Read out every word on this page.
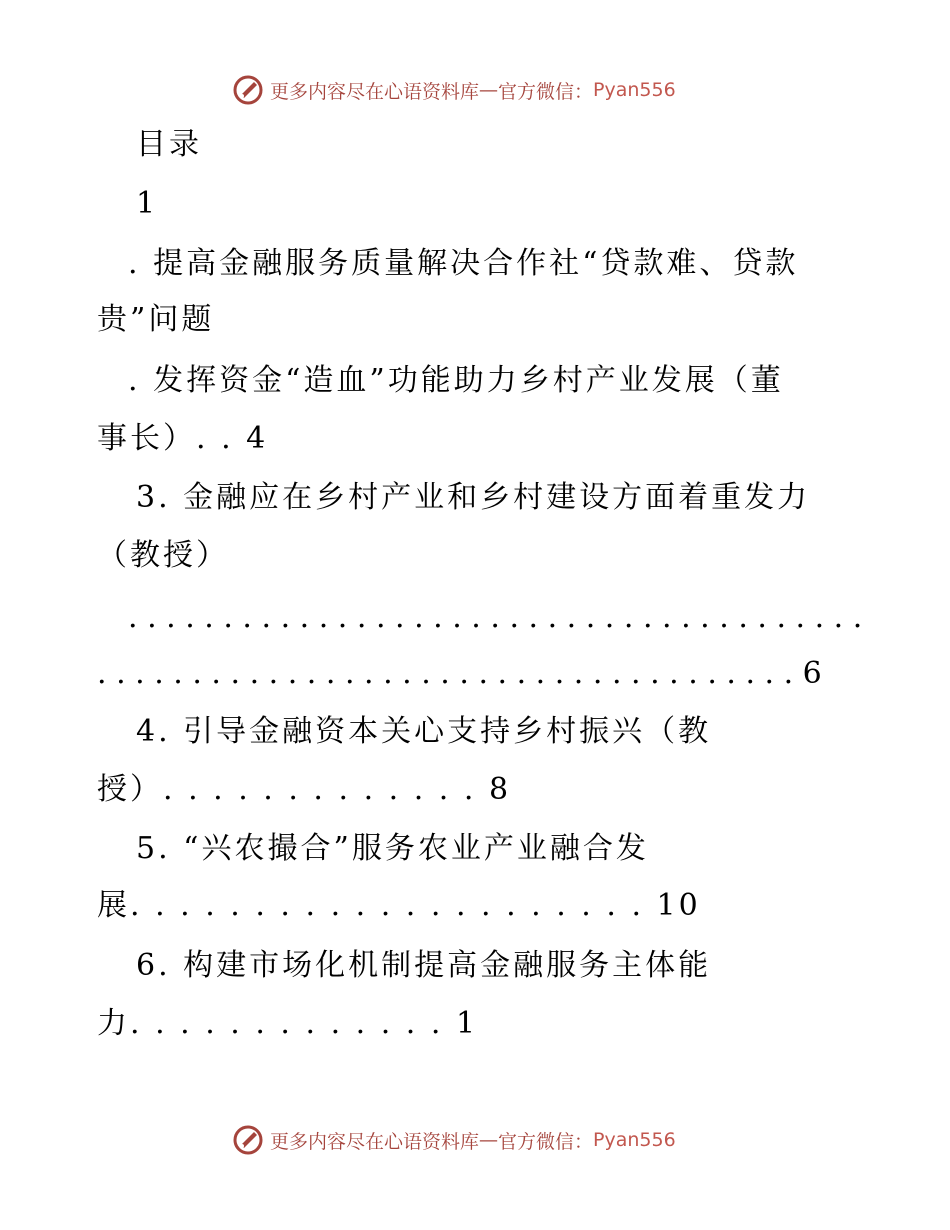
更多内容尽在心语资料库 — 官方微信： Pyan556
目录
1
. 提高金融服务质量解决合作社“贷款难、贷款
贵”问题
. 发挥资金“造血”功能助力乡村产业发展（董
事长）. . 4
3. 金融应在乡村产业和乡村建设方面着重发力
（教授）
. . . . . . . . . . . . . . . . . . . . . . . . . . . . . . . . . . . . . . .
. . . . . . . . . . . . . . . . . . . . . . . . . . . . . . . . . . . . . 6
4. 引导金融资本关心支持乡村振兴（教
授）. . . . . . . . . . . . . 8
5. “兴农撮合”服务农业产业融合发
展. . . . . . . . . . . . . . . . . . . . . 10
6. 构建市场化机制提高金融服务主体能
力. . . . . . . . . . . . . 1
更多内容尽在心语资料库 — 官方微信： Pyan556
